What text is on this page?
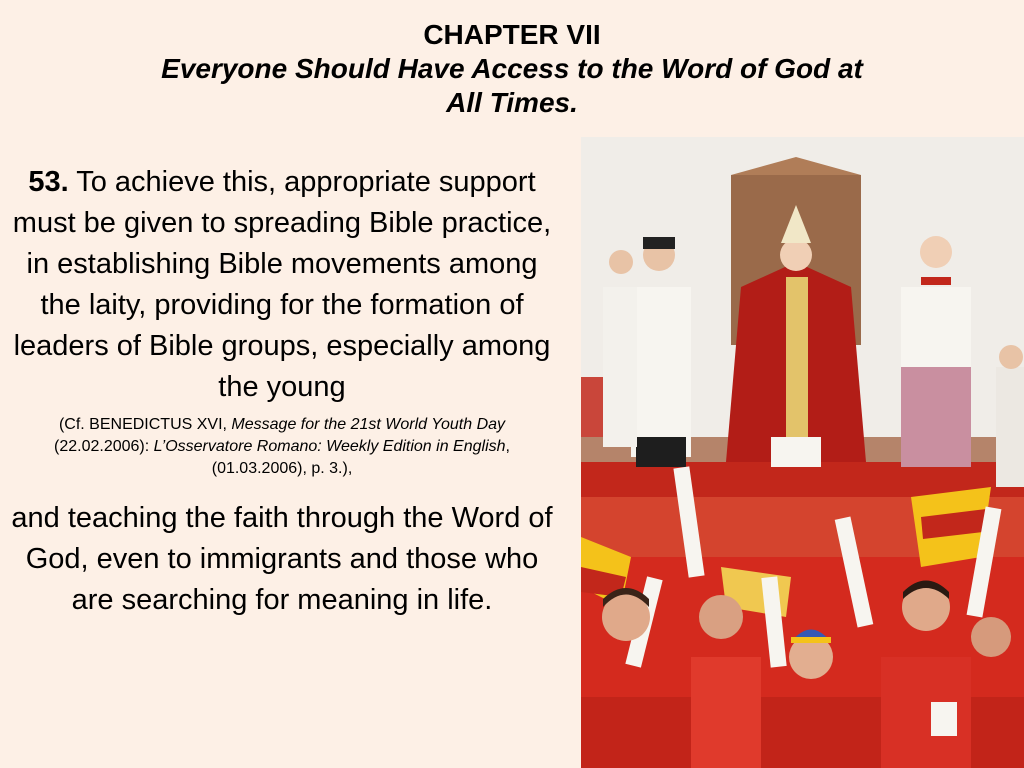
CHAPTER VII
Everyone Should Have Access to the Word of God at
All Times.

53. To achieve this, appropriate support must be given to spreading Bible practice, in establishing Bible movements among the laity, providing for the formation of leaders of Bible groups, especially among the young

(Cf. BENEDICTUS XVI, Message for the 21st World Youth Day (22.02.2006): L’Osservatore Romano: Weekly Edition in English, (01.03.2006), p. 3.),

and teaching the faith through the Word of God, even to immigrants and those who are searching for meaning in life.
